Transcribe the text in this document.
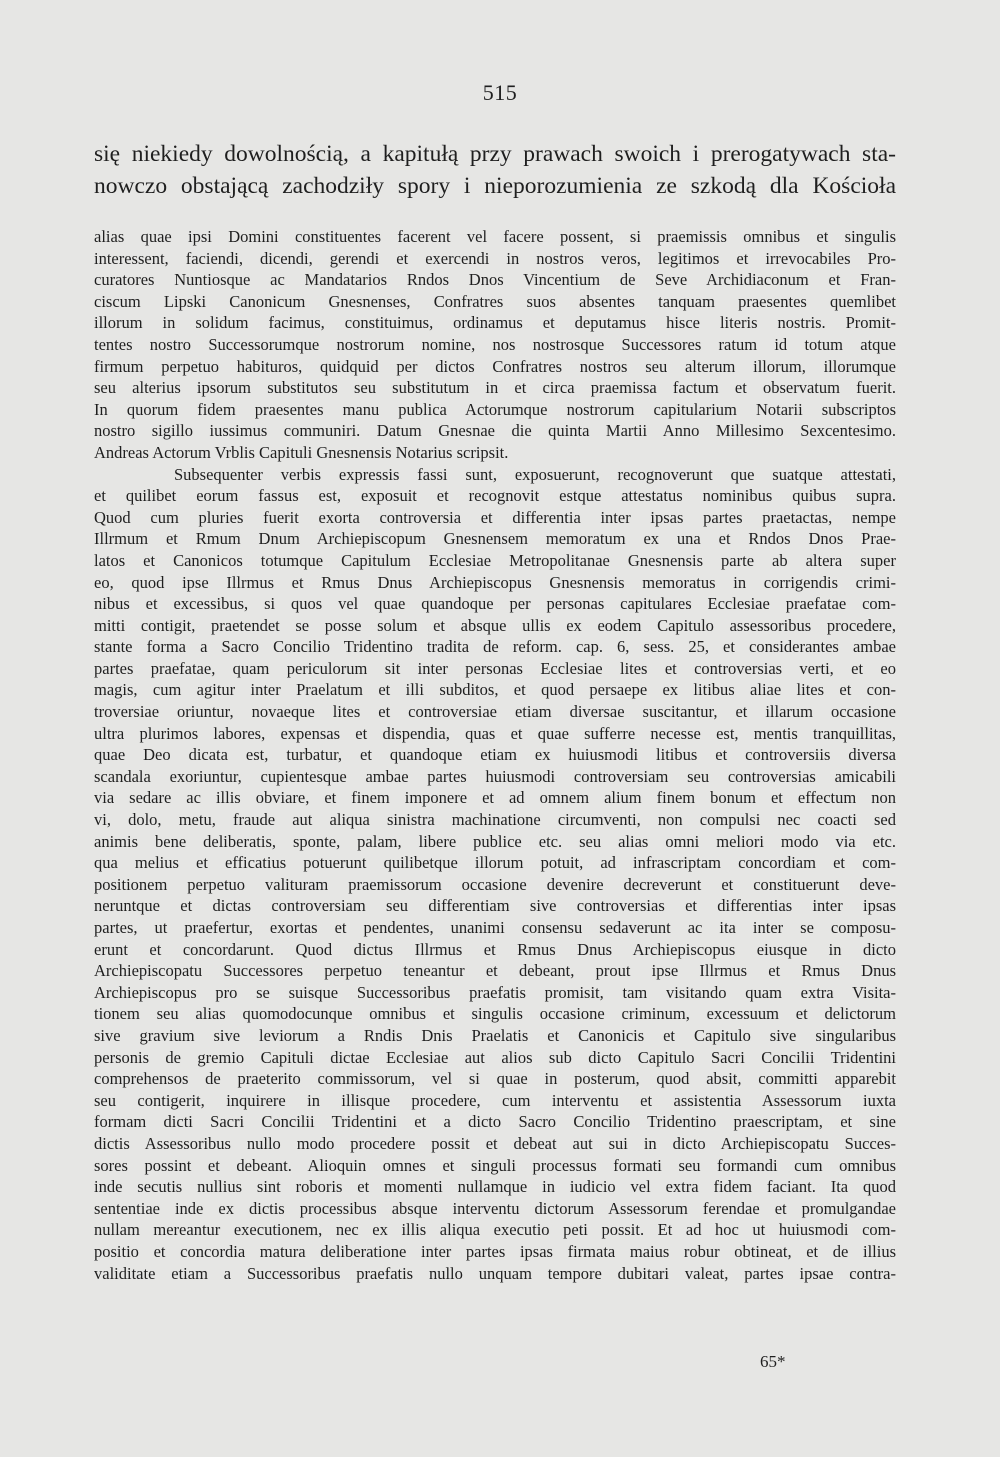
515
się niekiedy dowolnością, a kapitułą przy prawach swoich i prerogatywach sta-
nowczo obstającą zachodziły spory i nieporozumienia ze szkodą dla Kościoła
alias quae ipsi Domini constituentes facerent vel facere possent, si praemissis omnibus et singulis
interessent, faciendi, dicendi, gerendi et exercendi in nostros veros, legitimos et irrevocabiles Pro-
curatores Nuntiosque ac Mandatarios Rndos Dnos Vincentium de Seve Archidiaconum et Fran-
ciscum Lipski Canonicum Gnesnenses, Confratres suos absentes tanquam praesentes quemlibet
illorum in solidum facimus, constituimus, ordinamus et deputamus hisce literis nostris. Promit-
tentes nostro Successorumque nostrorum nomine, nos nostrosque Successores ratum id totum atque
firmum perpetuo habituros, quidquid per dictos Confratres nostros seu alterum illorum, illorumque
seu alterius ipsorum substitutos seu substitutum in et circa praemissa factum et observatum fuerit.
In quorum fidem praesentes manu publica Actorumque nostrorum capitularium Notarii subscriptos
nostro sigillo iussimus communiri. Datum Gnesnae die quinta Martii Anno Millesimo Sexcentesimo.
Andreas Actorum Vrblis Capituli Gnesnensis Notarius scripsit.
Subsequenter verbis expressis fassi sunt, exposuerunt, recognoverunt que suatque attestati,
et quilibet eorum fassus est, exposuit et recognovit estque attestatus nominibus quibus supra.
Quod cum pluries fuerit exorta controversia et differentia inter ipsas partes praetactas, nempe
Illrmum et Rmum Dnum Archiepiscopum Gnesnensem memoratum ex una et Rndos Dnos Prae-
latos et Canonicos totumque Capitulum Ecclesiae Metropolitanae Gnesnensis parte ab altera super
eo, quod ipse Illrmus et Rmus Dnus Archiepiscopus Gnesnensis memoratus in corrigendis crimi-
nibus et excessibus, si quos vel quae quandoque per personas capitulares Ecclesiae praefatae com-
mitti contigit, praetendet se posse solum et absque ullis ex eodem Capitulo assessoribus procedere,
stante forma a Sacro Concilio Tridentino tradita de reform. cap. 6, sess. 25, et considerantes ambae
partes praefatae, quam periculorum sit inter personas Ecclesiae lites et controversias verti, et eo
magis, cum agitur inter Praelatum et illi subditos, et quod persaepe ex litibus aliae lites et con-
troversiae oriuntur, novaeque lites et controversiae etiam diversae suscitantur, et illarum occasione
ultra plurimos labores, expensas et dispendia, quas et quae sufferre necesse est, mentis tranquillitas,
quae Deo dicata est, turbatur, et quandoque etiam ex huiusmodi litibus et controversiis diversa
scandala exoriuntur, cupientesque ambae partes huiusmodi controversiam seu controversias amicabili
via sedare ac illis obviare, et finem imponere et ad omnem alium finem bonum et effectum non
vi, dolo, metu, fraude aut aliqua sinistra machinatione circumventi, non compulsi nec coacti sed
animis bene deliberatis, sponte, palam, libere publice etc. seu alias omni meliori modo via etc.
qua melius et efficatius potuerunt quilibetque illorum potuit, ad infrascriptam concordiam et com-
positionem perpetuo valituram praemissorum occasione devenire decreverunt et constituerunt deve-
neruntque et dictas controversiam seu differentiam sive controversias et differentias inter ipsas
partes, ut praefertur, exortas et pendentes, unanimi consensu sedaverunt ac ita inter se composu-
erunt et concordarunt. Quod dictus Illrmus et Rmus Dnus Archiepiscopus eiusque in dicto
Archiepiscopatu Successores perpetuo teneantur et debeant, prout ipse Illrmus et Rmus Dnus
Archiepiscopus pro se suisque Successoribus praefatis promisit, tam visitando quam extra Visita-
tionem seu alias quomodocunque omnibus et singulis occasione criminum, excessuum et delictorum
sive gravium sive leviorum a Rndis Dnis Praelatis et Canonicis et Capitulo sive singularibus
personis de gremio Capituli dictae Ecclesiae aut alios sub dicto Capitulo Sacri Concilii Tridentini
comprehensos de praeterito commissorum, vel si quae in posterum, quod absit, committi apparebit
seu contigerit, inquirere in illisque procedere, cum interventu et assistentia Assessorum iuxta
formam dicti Sacri Concilii Tridentini et a dicto Sacro Concilio Tridentino praescriptam, et sine
dictis Assessoribus nullo modo procedere possit et debeat aut sui in dicto Archiepiscopatu Succes-
sores possint et debeant. Alioquin omnes et singuli processus formati seu formandi cum omnibus
inde secutis nullius sint roboris et momenti nullamque in iudicio vel extra fidem faciant. Ita quod
sententiae inde ex dictis processibus absque interventu dictorum Assessorum ferendae et promulgandae
nullam mereantur executionem, nec ex illis aliqua executio peti possit. Et ad hoc ut huiusmodi com-
positio et concordia matura deliberatione inter partes ipsas firmata maius robur obtineat, et de illius
validitate etiam a Successoribus praefatis nullo unquam tempore dubitari valeat, partes ipsae contra-
65*
